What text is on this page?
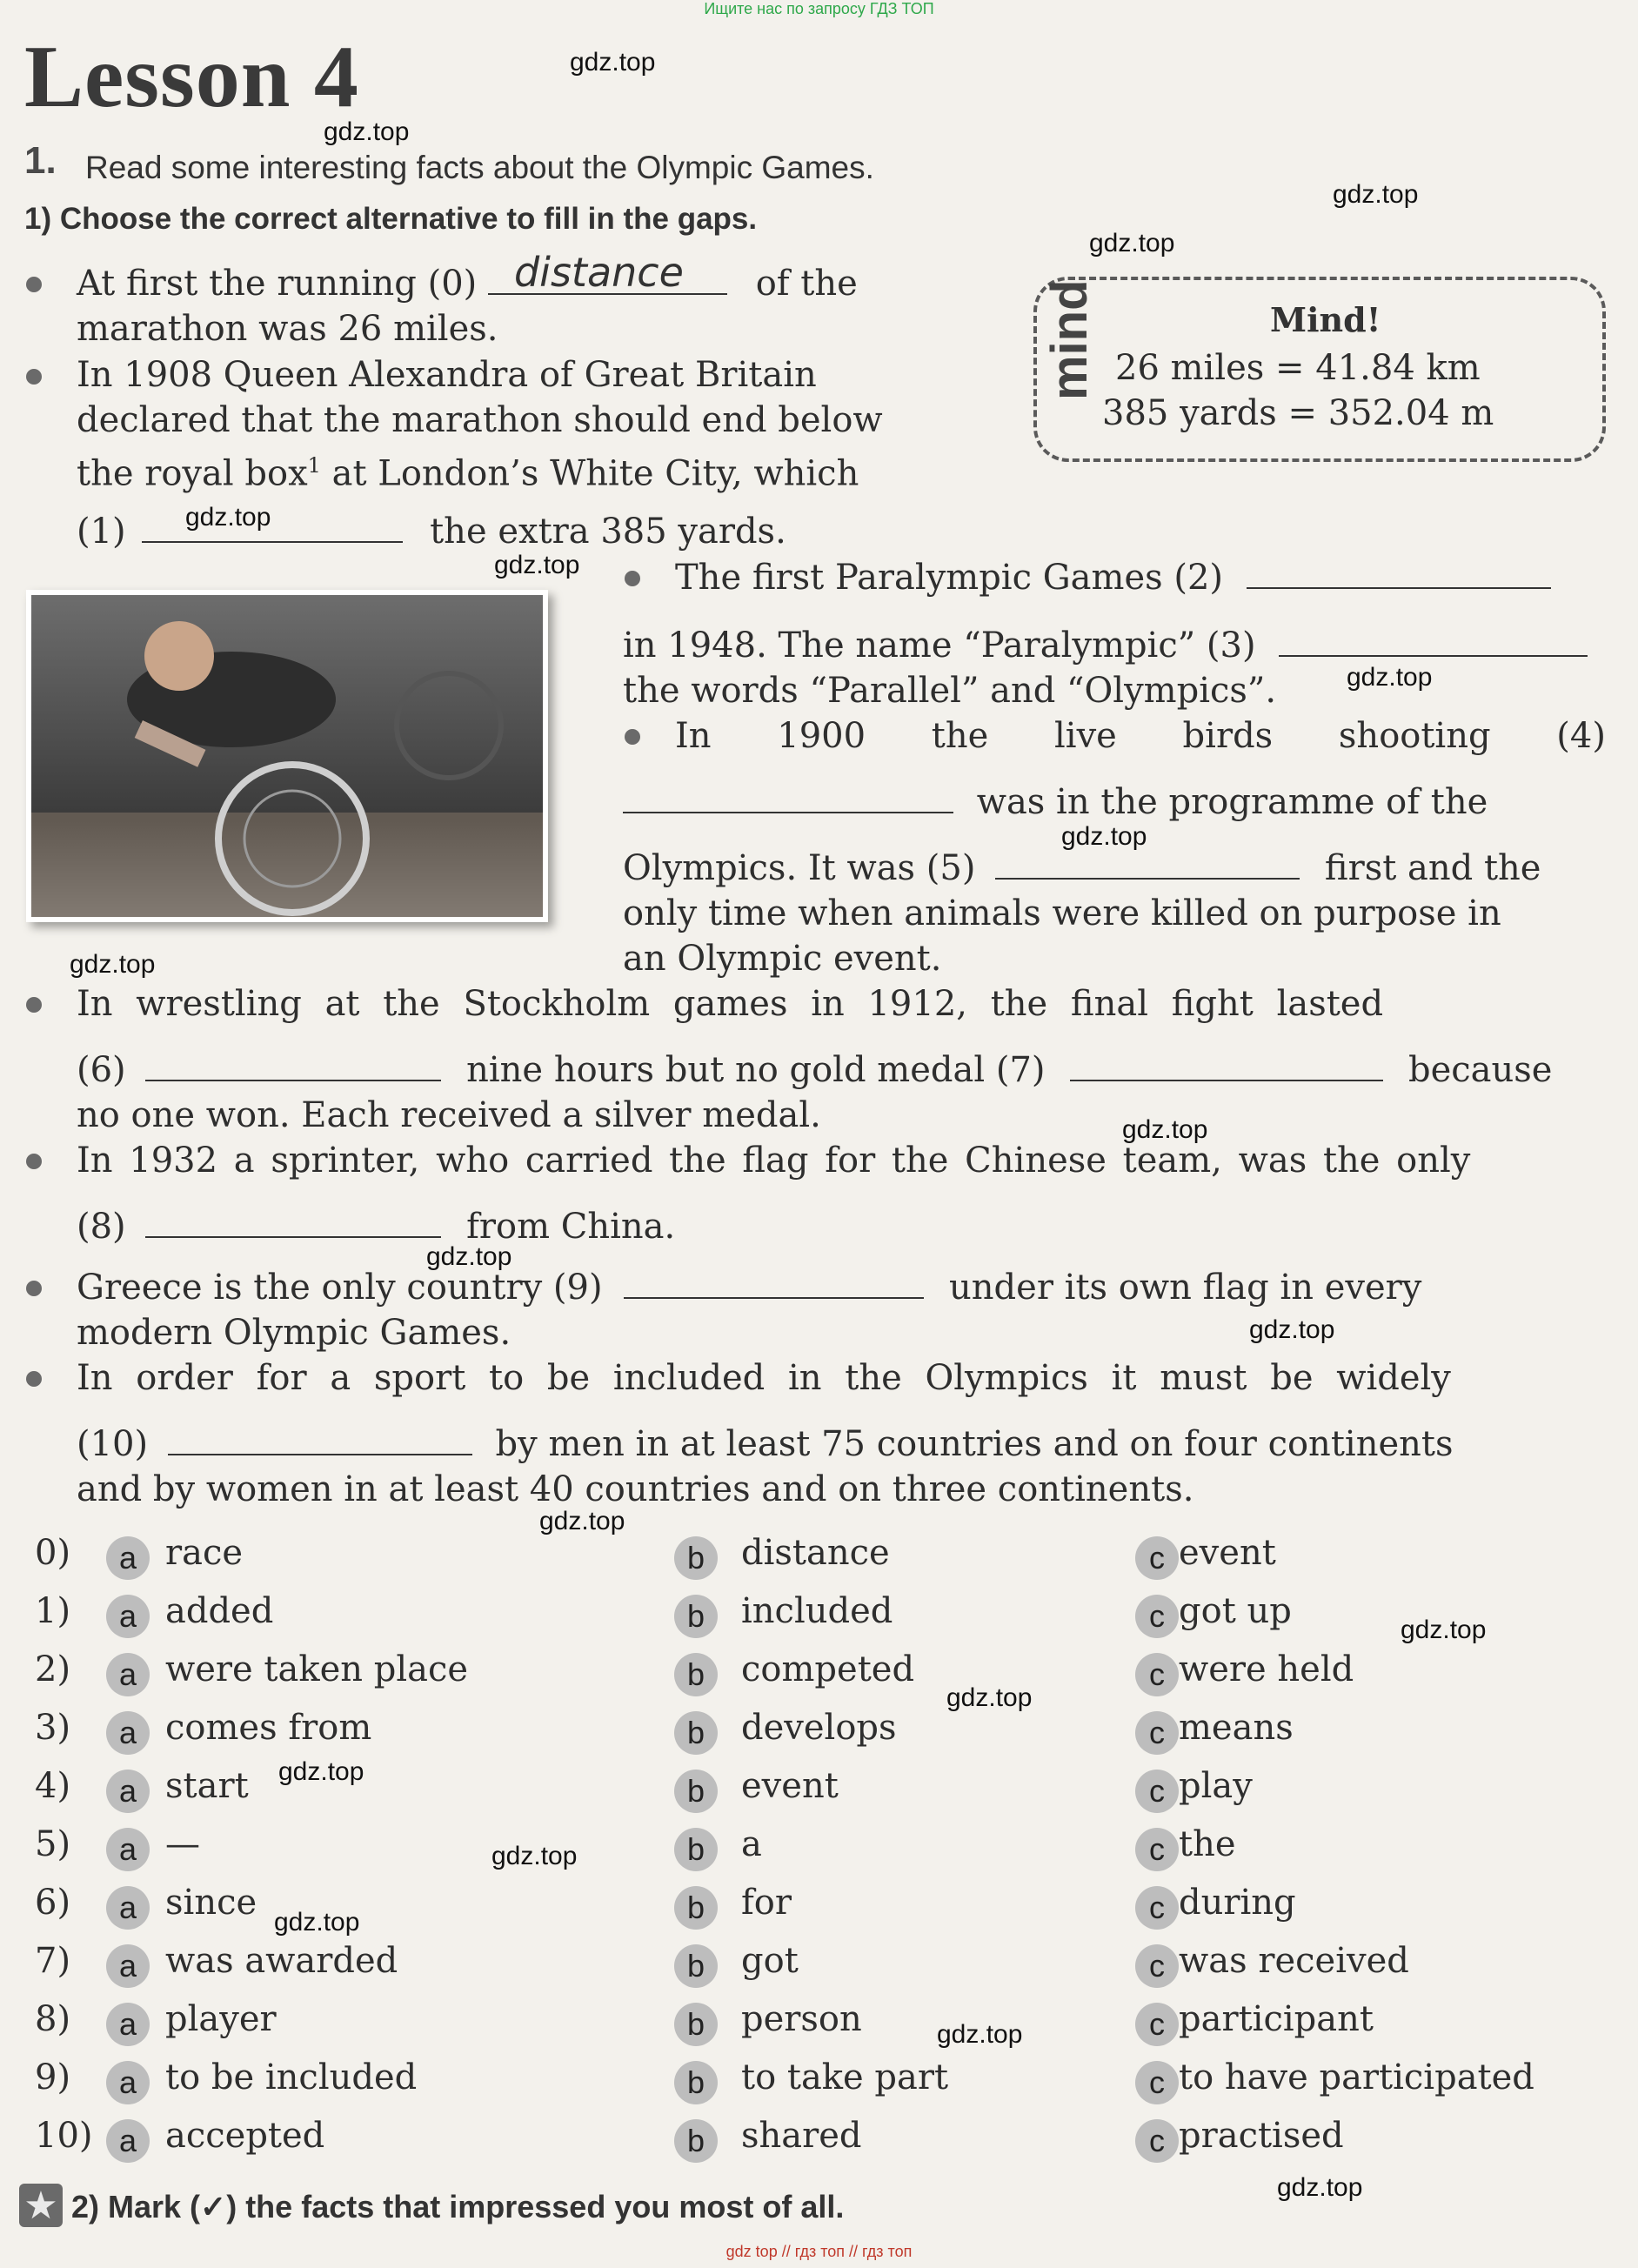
Ищите нас по запросу ГДЗ ТОП
Lesson 4
1. Read some interesting facts about the Olympic Games.
1) Choose the correct alternative to fill in the gaps.
mind	Mind!
26 miles = 41.84 km
385 yards = 352.04 m
At first the running (0) distance of the
marathon was 26 miles.
In 1908 Queen Alexandra of Great Britain
declared that the marathon should end below
the royal box$^1$ at London’s White City, which
(1)	the extra 385 yards.
The first Paralympic Games (2)
in 1948. The name “Paralympic” (3)
the words “Parallel” and “Olympics”.
In 1900 the live birds shooting (4)
was in the programme of the
Olympics. It was (5)	first and the
only time when animals were killed on purpose in
an Olympic event.
In wrestling at the Stockholm games in 1912, the final fight lasted
(6)	nine hours but no gold medal (7)	because
no one won. Each received a silver medal.
In 1932 a sprinter, who carried the flag for the Chinese team, was the only
(8)	from China.
Greece is the only country (9)	under its own flag in every
modern Olympic Games.
In order for a sport to be included in the Olympics it must be widely
(10)	by men in at least 75 countries and on four continents
and by women in at least 40 countries and on three continents.
0)	a race	b	distance	c event
1)	a added	b	included	c got up
2)	a were taken place	b	competed	c were held
3)	a comes from	b	develops	c means
4)	a start	b	event	c play
5)	a —	b	a	c the
6)	a since	b	for	c during
7)	a was awarded	b	got	c was received
8)	a player	b	person	c participant
9)	a to be included	b	to take part	c to have participated
10) a accepted	b	shared	c practised
★ 2) Mark (✓) the facts that impressed you most of all.
gdz.top
gdz.top
gdz.top
gdz.top
gdz.top
gdz.top
gdz.top
gdz.top
gdz.top
gdz.top
gdz.top
gdz.top
gdz.top
gdz.top
gdz.top
gdz.top
gdz.top
gdz.top
gdz.top
gdz.top
gdz top // гдз топ // гдз топ
